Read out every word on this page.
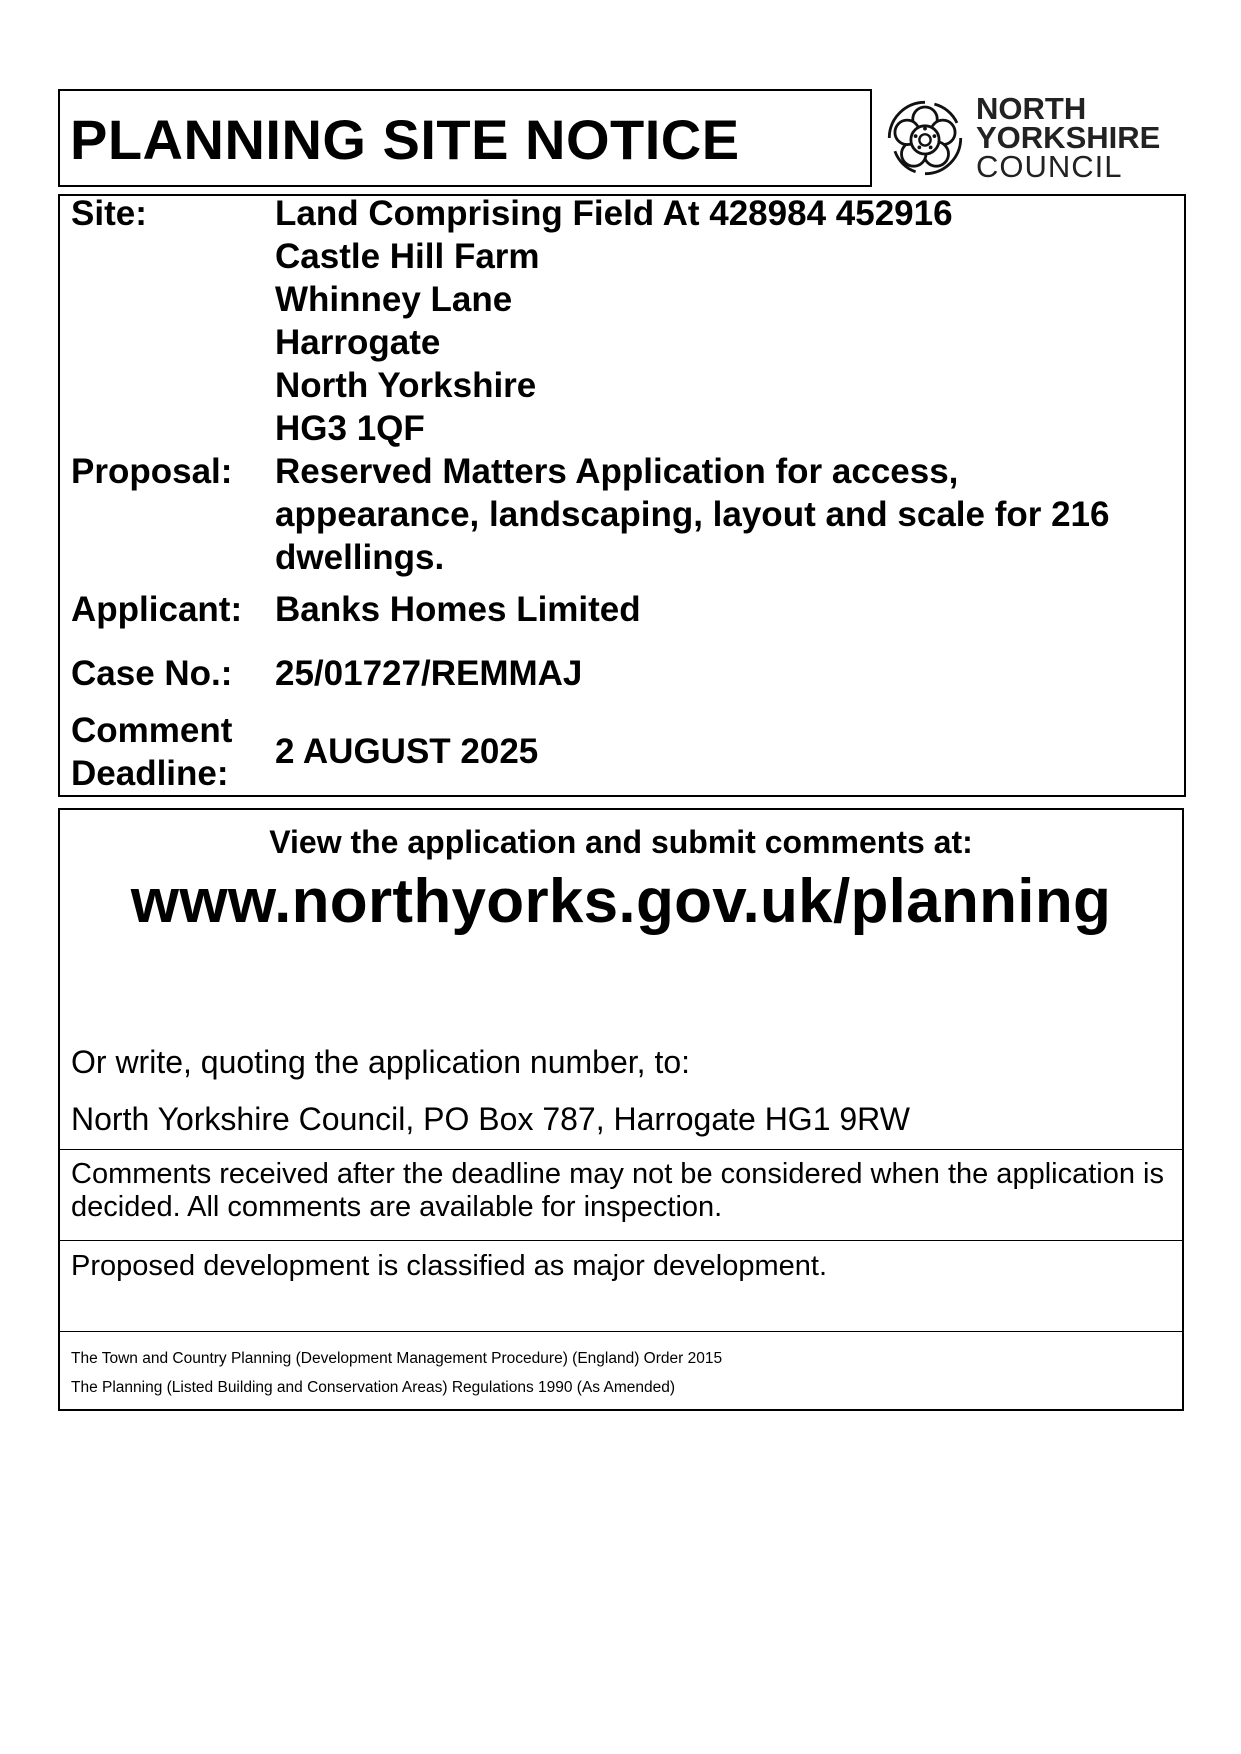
PLANNING SITE NOTICE	NORTH
YORKSHIRE
COUNCIL
Site:	Land Comprising Field At 428984 452916
Castle Hill Farm
Whinney Lane
Harrogate
North Yorkshire
HG3 1QF
Proposal: Reserved Matters Application for access,
appearance, landscaping, layout and scale for 216
dwellings.
Applicant: Banks Homes Limited
Case No.: 25/01727/REMMAJ
Comment
Deadline:
2 AUGUST 2025
View the application and submit comments at:
www.northyorks.gov.uk/planning
Or write, quoting the application number, to:
North Yorkshire Council, PO Box 787, Harrogate HG1 9RW
Comments received after the deadline may not be considered when the application is
decided. All comments are available for inspection.
Proposed development is classified as major development.
The Town and Country Planning (Development Management Procedure) (England) Order 2015
The Planning (Listed Building and Conservation Areas) Regulations 1990 (As Amended)
